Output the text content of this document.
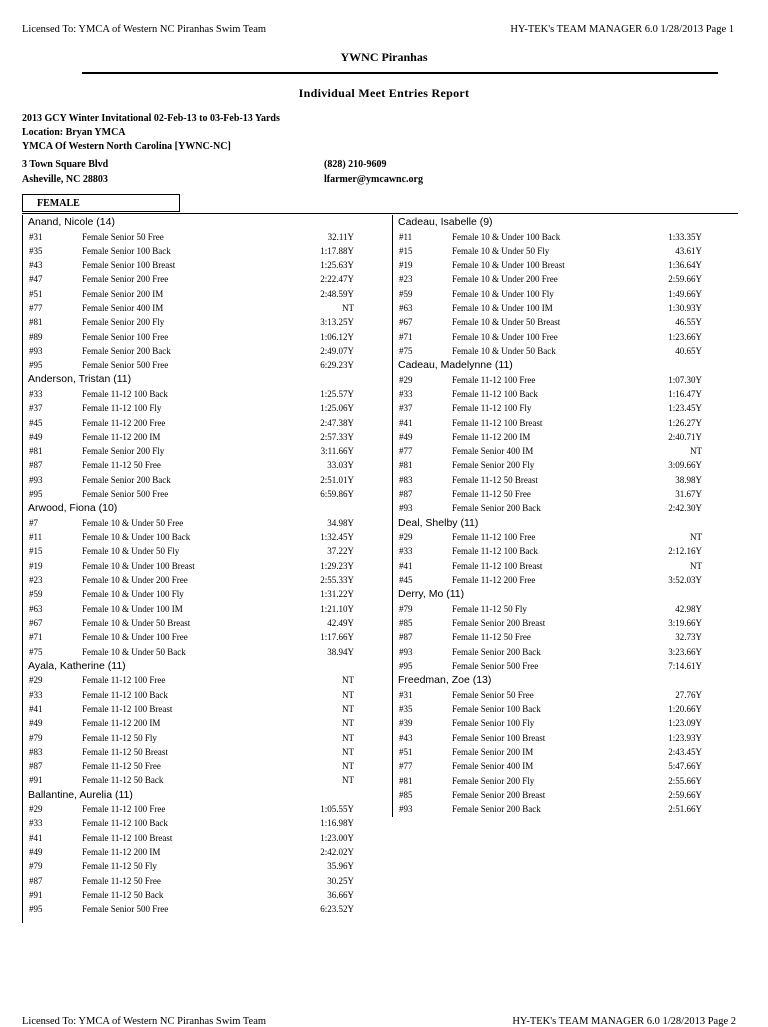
Licensed To: YMCA of Western NC Piranhas Swim Team	HY-TEK's TEAM MANAGER 6.0 1/28/2013 Page 1
YWNC Piranhas
Individual Meet Entries Report
2013 GCY Winter Invitational 02-Feb-13 to 03-Feb-13 Yards
Location: Bryan YMCA
YMCA Of Western North Carolina [YWNC-NC]
3 Town Square Blvd
Asheville, NC 28803
(828) 210-9609
lfarmer@ymcawnc.org
FEMALE
Anand, Nicole (14)
#31	Female Senior 50 Free	32.11Y
#35	Female Senior 100 Back	1:17.88Y
#43	Female Senior 100 Breast	1:25.63Y
#47	Female Senior 200 Free	2:22.47Y
#51	Female Senior 200 IM	2:48.59Y
#77	Female Senior 400 IM	NT
#81	Female Senior 200 Fly	3:13.25Y
#89	Female Senior 100 Free	1:06.12Y
#93	Female Senior 200 Back	2:49.07Y
#95	Female Senior 500 Free	6:29.23Y
Anderson, Tristan (11)
#33	Female 11-12 100 Back	1:25.57Y
#37	Female 11-12 100 Fly	1:25.06Y
#45	Female 11-12 200 Free	2:47.38Y
#49	Female 11-12 200 IM	2:57.33Y
#81	Female Senior 200 Fly	3:11.66Y
#87	Female 11-12 50 Free	33.03Y
#93	Female Senior 200 Back	2:51.01Y
#95	Female Senior 500 Free	6:59.86Y
Arwood, Fiona (10)
#7	Female 10 & Under 50 Free	34.98Y
#11	Female 10 & Under 100 Back	1:32.45Y
#15	Female 10 & Under 50 Fly	37.22Y
#19	Female 10 & Under 100 Breast	1:29.23Y
#23	Female 10 & Under 200 Free	2:55.33Y
#59	Female 10 & Under 100 Fly	1:31.22Y
#63	Female 10 & Under 100 IM	1:21.10Y
#67	Female 10 & Under 50 Breast	42.49Y
#71	Female 10 & Under 100 Free	1:17.66Y
#75	Female 10 & Under 50 Back	38.94Y
Ayala, Katherine (11)
#29	Female 11-12 100 Free	NT
#33	Female 11-12 100 Back	NT
#41	Female 11-12 100 Breast	NT
#49	Female 11-12 200 IM	NT
#79	Female 11-12 50 Fly	NT
#83	Female 11-12 50 Breast	NT
#87	Female 11-12 50 Free	NT
#91	Female 11-12 50 Back	NT
Ballantine, Aurelia (11)
#29	Female 11-12 100 Free	1:05.55Y
#33	Female 11-12 100 Back	1:16.98Y
#41	Female 11-12 100 Breast	1:23.00Y
#49	Female 11-12 200 IM	2:42.02Y
#79	Female 11-12 50 Fly	35.96Y
#87	Female 11-12 50 Free	30.25Y
#91	Female 11-12 50 Back	36.66Y
#95	Female Senior 500 Free	6:23.52Y
Cadeau, Isabelle (9)
#11	Female 10 & Under 100 Back	1:33.35Y
#15	Female 10 & Under 50 Fly	43.61Y
#19	Female 10 & Under 100 Breast	1:36.64Y
#23	Female 10 & Under 200 Free	2:59.66Y
#59	Female 10 & Under 100 Fly	1:49.66Y
#63	Female 10 & Under 100 IM	1:30.93Y
#67	Female 10 & Under 50 Breast	46.55Y
#71	Female 10 & Under 100 Free	1:23.66Y
#75	Female 10 & Under 50 Back	40.65Y
Cadeau, Madelynne (11)
#29	Female 11-12 100 Free	1:07.30Y
#33	Female 11-12 100 Back	1:16.47Y
#37	Female 11-12 100 Fly	1:23.45Y
#41	Female 11-12 100 Breast	1:26.27Y
#49	Female 11-12 200 IM	2:40.71Y
#77	Female Senior 400 IM	NT
#81	Female Senior 200 Fly	3:09.66Y
#83	Female 11-12 50 Breast	38.98Y
#87	Female 11-12 50 Free	31.67Y
#93	Female Senior 200 Back	2:42.30Y
Deal, Shelby (11)
#29	Female 11-12 100 Free	NT
#33	Female 11-12 100 Back	2:12.16Y
#41	Female 11-12 100 Breast	NT
#45	Female 11-12 200 Free	3:52.03Y
Derry, Mo (11)
#79	Female 11-12 50 Fly	42.98Y
#85	Female Senior 200 Breast	3:19.66Y
#87	Female 11-12 50 Free	32.73Y
#93	Female Senior 200 Back	3:23.66Y
#95	Female Senior 500 Free	7:14.61Y
Freedman, Zoe (13)
#31	Female Senior 50 Free	27.76Y
#35	Female Senior 100 Back	1:20.66Y
#39	Female Senior 100 Fly	1:23.09Y
#43	Female Senior 100 Breast	1:23.93Y
#51	Female Senior 200 IM	2:43.45Y
#77	Female Senior 400 IM	5:47.66Y
#81	Female Senior 200 Fly	2:55.66Y
#85	Female Senior 200 Breast	2:59.66Y
#93	Female Senior 200 Back	2:51.66Y
Licensed To: YMCA of Western NC Piranhas Swim Team	HY-TEK's TEAM MANAGER 6.0 1/28/2013 Page 2
